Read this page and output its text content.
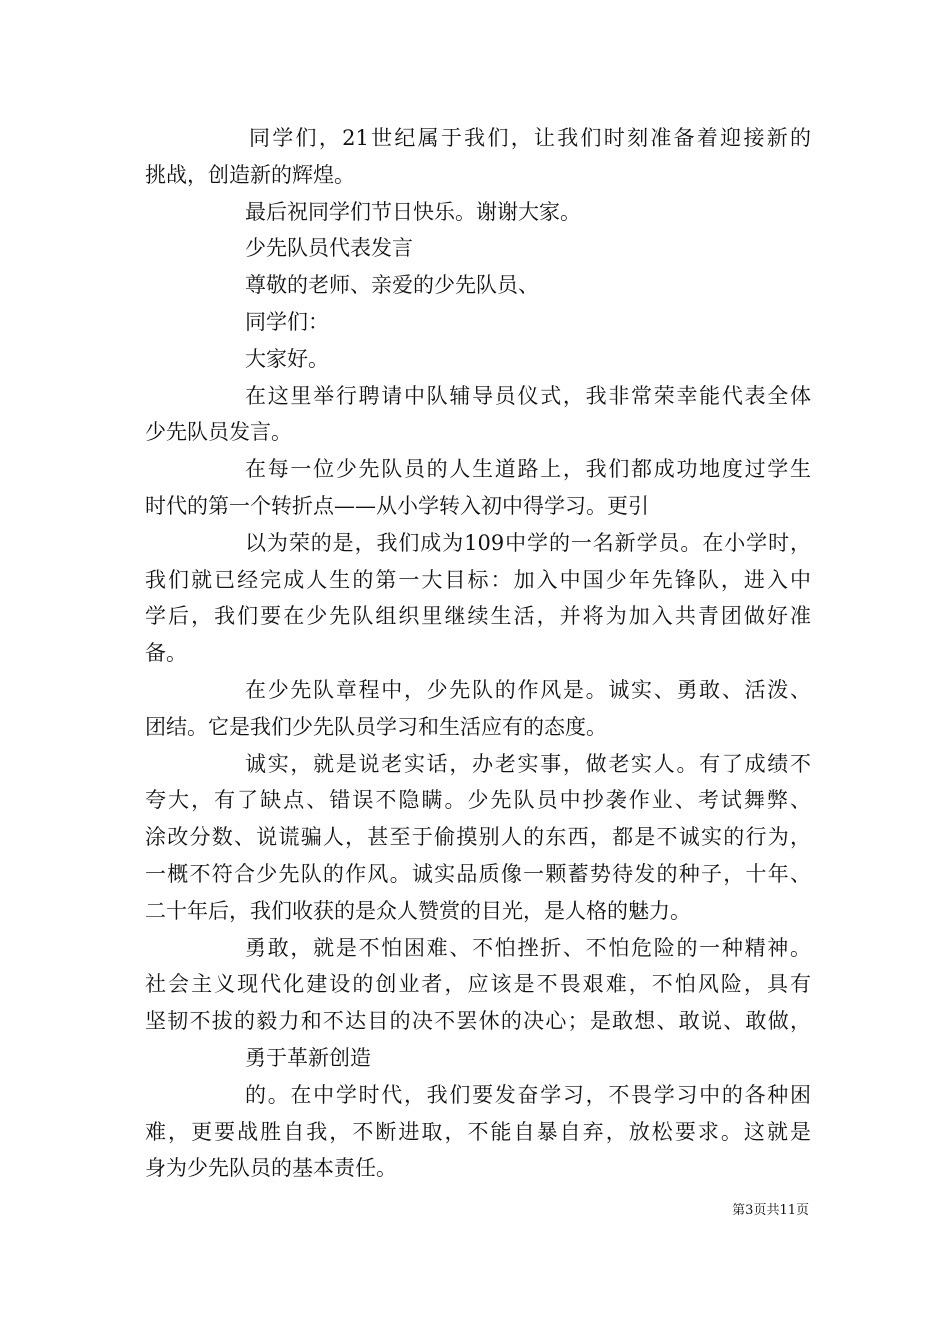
同学们，21世纪属于我们，让我们时刻准备着迎接新的
挑战，创造新的辉煌。
最后祝同学们节日快乐。谢谢大家。
少先队员代表发言
尊敬的老师、亲爱的少先队员、
同学们：
大家好。
在这里举行聘请中队辅导员仪式，我非常荣幸能代表全体
少先队员发言。
在每一位少先队员的人生道路上，我们都成功地度过学生
时代的第一个转折点——从小学转入初中得学习。更引
以为荣的是，我们成为109中学的一名新学员。在小学时，
我们就已经完成人生的第一大目标：加入中国少年先锋队，进入中
学后，我们要在少先队组织里继续生活，并将为加入共青团做好准
备。
在少先队章程中，少先队的作风是。诚实、勇敢、活泼、
团结。它是我们少先队员学习和生活应有的态度。
诚实，就是说老实话，办老实事，做老实人。有了成绩不
夸大，有了缺点、错误不隐瞒。少先队员中抄袭作业、考试舞弊、
涂改分数、说谎骗人，甚至于偷摸别人的东西，都是不诚实的行为，
一概不符合少先队的作风。诚实品质像一颗蓄势待发的种子，十年、
二十年后，我们收获的是众人赞赏的目光，是人格的魅力。
勇敢，就是不怕困难、不怕挫折、不怕危险的一种精神。
社会主义现代化建设的创业者，应该是不畏艰难，不怕风险，具有
坚韧不拔的毅力和不达目的决不罢休的决心；是敢想、敢说、敢做，
勇于革新创造
的。在中学时代，我们要发奋学习，不畏学习中的各种困
难，更要战胜自我，不断进取，不能自暴自弃，放松要求。这就是
身为少先队员的基本责任。
第3页共11页
